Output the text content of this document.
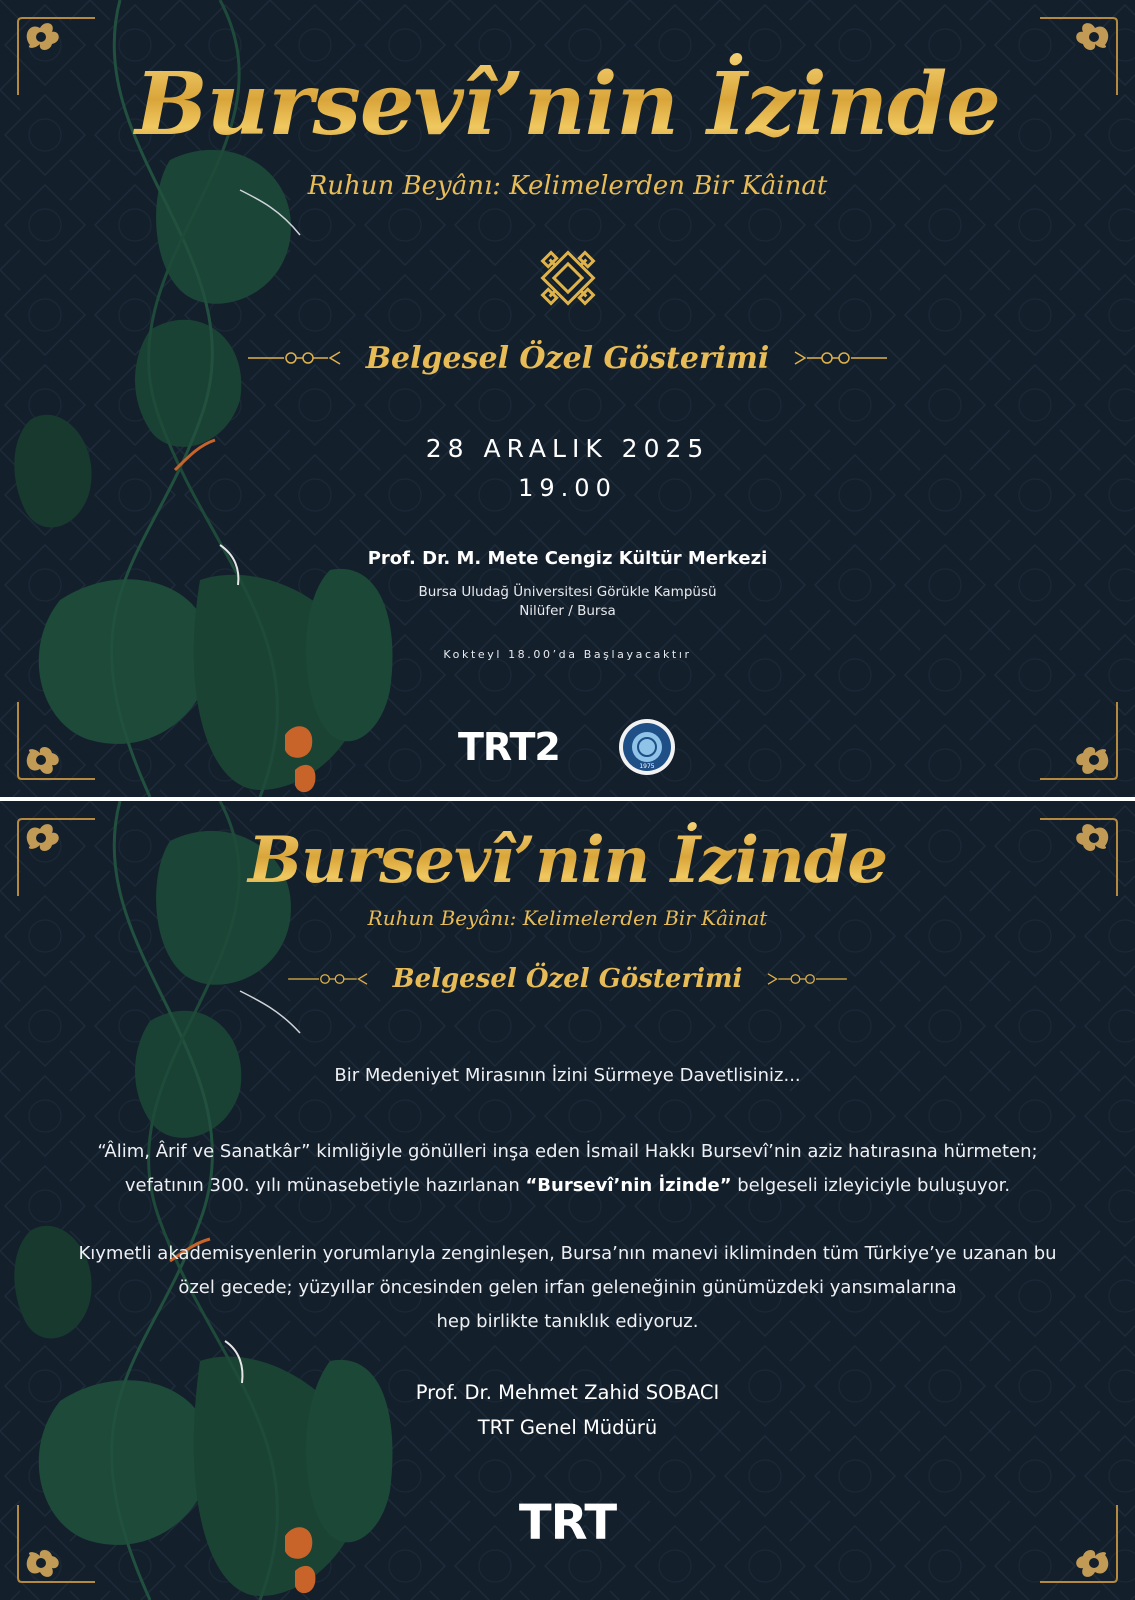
Bursevî’nin İzinde
Ruhun Beyânı: Kelimelerden Bir Kâinat
Belgesel Özel Gösterimi
28 ARALIK 2025
19.00
Prof. Dr. M. Mete Cengiz Kültür Merkezi
Bursa Uludağ Üniversitesi Görükle Kampüsü
Nilüfer / Bursa
Kokteyl 18.00’da Başlayacaktır
TRT2	1975
Bursevî’nin İzinde
Ruhun Beyânı: Kelimelerden Bir Kâinat
Belgesel Özel Gösterimi
Bir Medeniyet Mirasının İzini Sürmeye Davetlisiniz...
“Âlim, Ârif ve Sanatkâr” kimliğiyle gönülleri inşa eden İsmail Hakkı Bursevî’nin aziz hatırasına hürmeten;
vefatının 300. yılı münasebetiyle hazırlanan “Bursevî’nin İzinde” belgeseli izleyiciyle buluşuyor.
Kıymetli akademisyenlerin yorumlarıyla zenginleşen, Bursa’nın manevi ikliminden tüm Türkiye’ye uzanan bu
özel gecede; yüzyıllar öncesinden gelen irfan geleneğinin günümüzdeki yansımalarına
hep birlikte tanıklık ediyoruz.
Prof. Dr. Mehmet Zahid SOBACI
TRT Genel Müdürü
TRT
